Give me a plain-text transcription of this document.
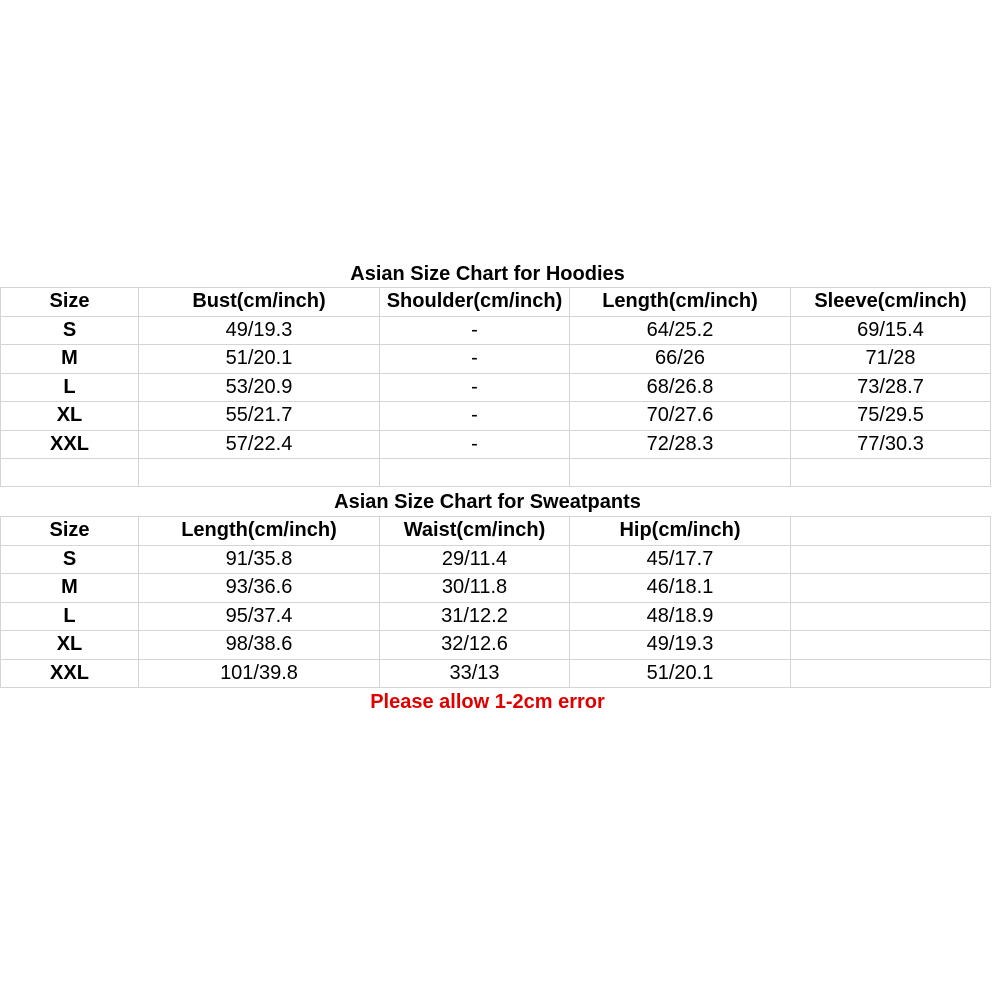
Asian Size Chart for Hoodies
Size	Bust(cm/inch)	Shoulder(cm/inch)	Length(cm/inch)	Sleeve(cm/inch)
S	49/19.3	-	64/25.2	69/15.4
M	51/20.1	-	66/26	71/28
L	53/20.9	-	68/26.8	73/28.7
XL	55/21.7	-	70/27.6	75/29.5
XXL	57/22.4	-	72/28.3	77/30.3

Asian Size Chart for Sweatpants
Size	Length(cm/inch)	Waist(cm/inch)	Hip(cm/inch)	
S	91/35.8	29/11.4	45/17.7	
M	93/36.6	30/11.8	46/18.1	
L	95/37.4	31/12.2	48/18.9	
XL	98/38.6	32/12.6	49/19.3	
XXL	101/39.8	33/13	51/20.1	
Please allow 1-2cm error
